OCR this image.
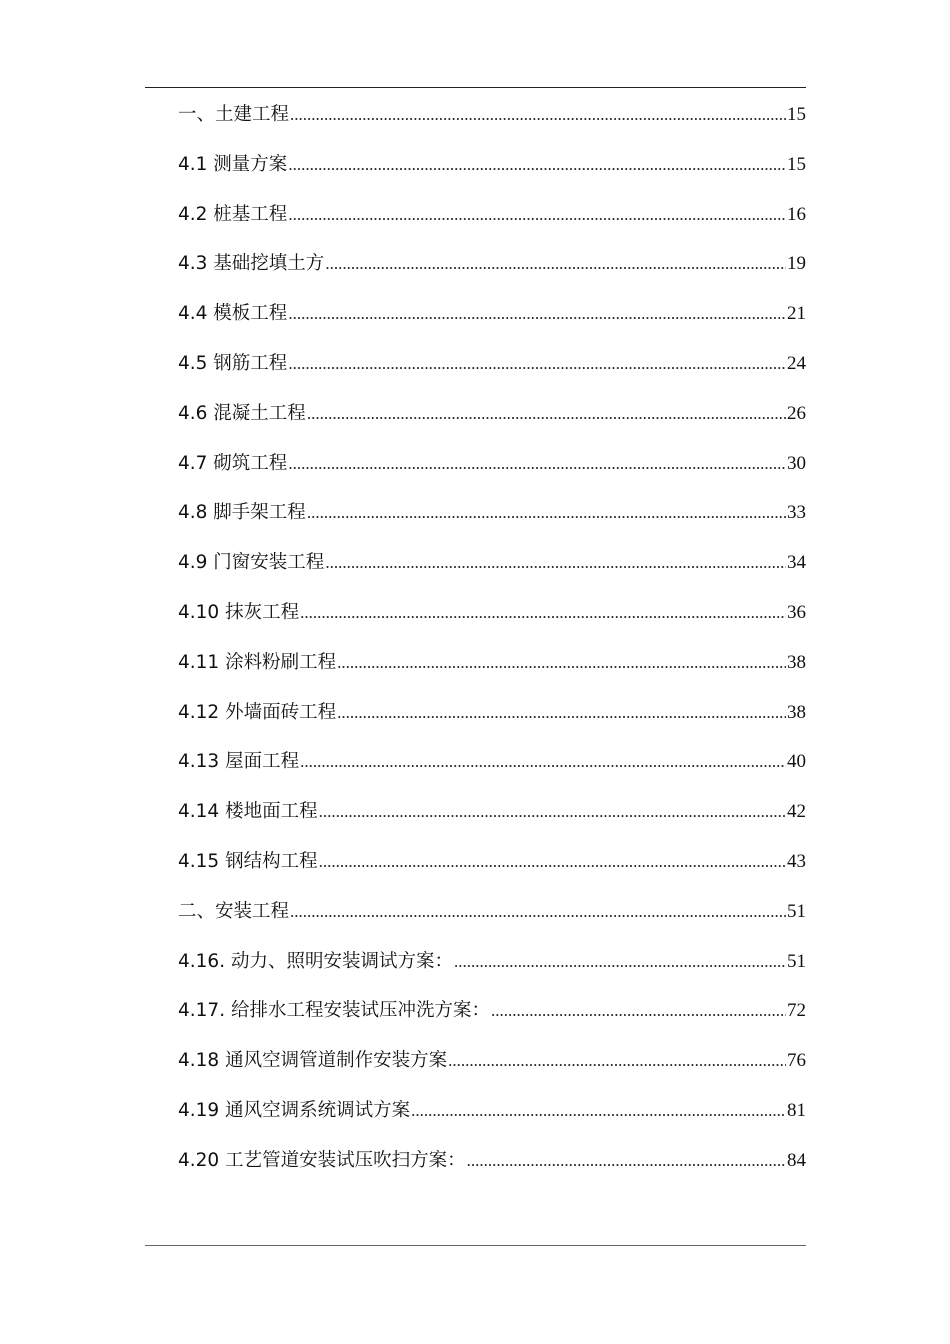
一、土建工程 .....	15
4.1 测量方案 .....	15
4.2 桩基工程 .....	16
4.3 基础挖填土方 .....	19
4.4 模板工程 .....	21
4.5 钢筋工程 .....	24
4.6 混凝土工程 .....	26
4.7 砌筑工程 .....	30
4.8 脚手架工程 .....	33
4.9 门窗安装工程 .....	34
4.10 抹灰工程 .....	36
4.11 涂料粉刷工程 .....	38
4.12 外墙面砖工程 .....	38
4.13 屋面工程 .....	40
4.14 楼地面工程 .....	42
4.15 钢结构工程 .....	43
二、安装工程 .....	51
4.16. 动力、照明安装调试方案： .....	51
4.17. 给排水工程安装试压冲洗方案： .....	72
4.18 通风空调管道制作安装方案 .....	76
4.19 通风空调系统调试方案 .....	81
4.20 工艺管道安装试压吹扫方案： .....	84
